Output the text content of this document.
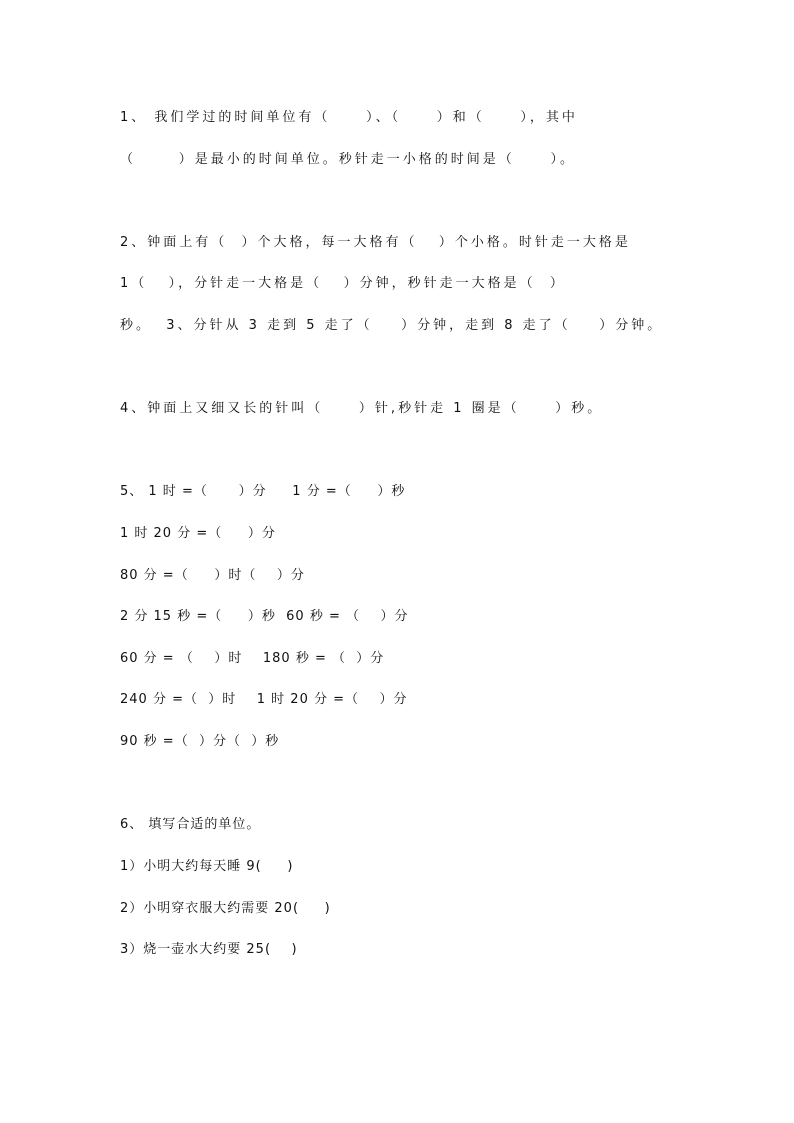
1、 我们学过的时间单位有（     ）、（     ）和（     ），其中
（      ）是最小的时间单位。秒针走一小格的时间是（     ）。
2、钟面上有（  ）个大格，每一大格有（   ）个小格。时针走一大格是
1（   ），分针走一大格是（   ）分钟，秒针走一大格是（  ）
秒。  3、分针从 3 走到 5 走了（    ）分钟，走到 8 走了（    ）分钟。
4、钟面上又细又长的针叫（     ）针,秒针走 1 圈是（     ）秒。
5、 1 时 =（      ）分     1 分 =（     ）秒
1 时 20 分 =（     ）分
80 分 =（     ）时（    ）分
2 分 15 秒 =（     ）秒  60 秒 = （    ）分
60 分 = （    ）时    180 秒 = （  ）分
240 分 =（  ）时    1 时 20 分 =（    ）分
90 秒 =（  ）分（  ）秒
6、 填写合适的单位。
1）小明大约每天睡 9(     )
2）小明穿衣服大约需要 20(     )
3）烧一壶水大约要 25(    )
